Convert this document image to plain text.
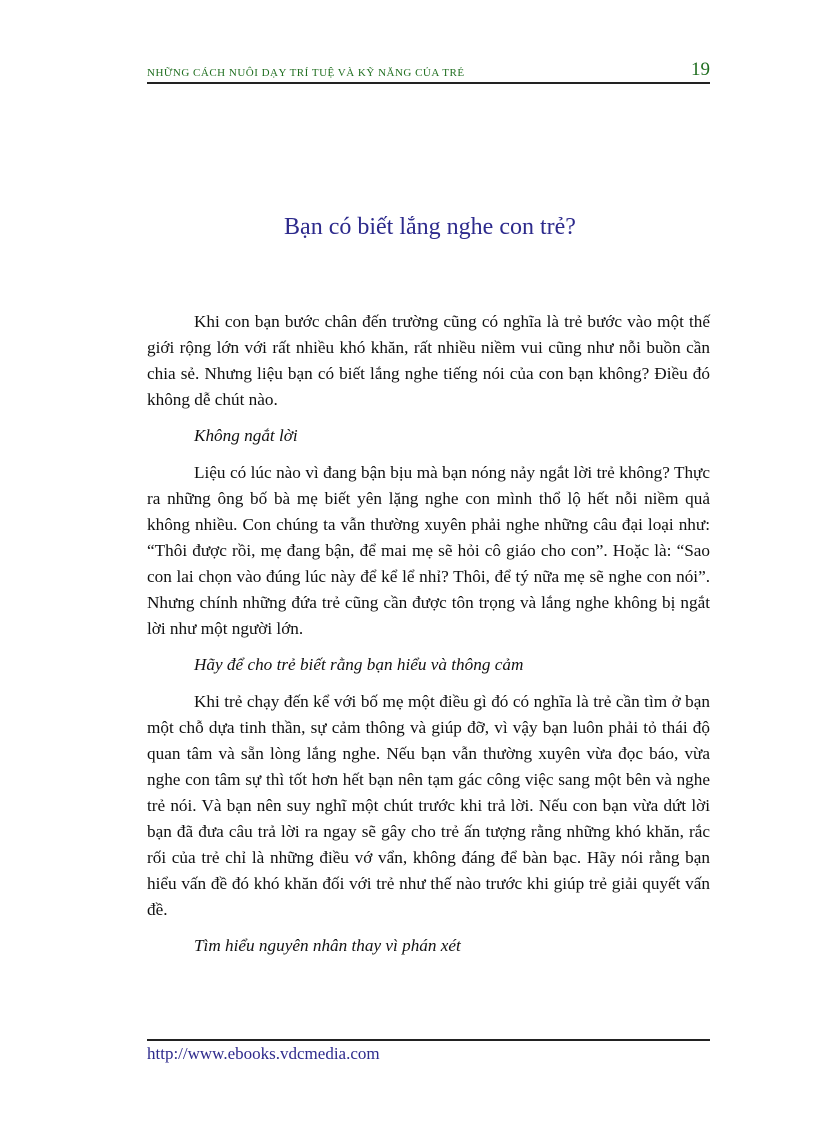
NHỮNG CÁCH NUÔI DẠY TRÍ TUỆ VÀ KỸ NĂNG CỦA TRẺ	19
Bạn có biết lắng nghe con trẻ?

Khi con bạn bước chân đến trường cũng có nghĩa là trẻ bước vào một thế giới rộng lớn với rất nhiều khó khăn, rất nhiều niềm vui cũng như nỗi buồn cần chia sẻ. Nhưng liệu bạn có biết lắng nghe tiếng nói của con bạn không? Điều đó không dễ chút nào.

Không ngắt lời

Liệu có lúc nào vì đang bận bịu mà bạn nóng nảy ngắt lời trẻ không? Thực ra những ông bố bà mẹ biết yên lặng nghe con mình thổ lộ hết nỗi niềm quả không nhiều. Con chúng ta vẫn thường xuyên phải nghe những câu đại loại như: “Thôi được rồi, mẹ đang bận, để mai mẹ sẽ hỏi cô giáo cho con”. Hoặc là: “Sao con lai chọn vào đúng lúc này để kể lể nhỉ? Thôi, để tý nữa mẹ sẽ nghe con nói”. Nhưng chính những đứa trẻ cũng cần được tôn trọng và lắng nghe không bị ngắt lời như một người lớn.

Hãy để cho trẻ biết rằng bạn hiểu và thông cảm

Khi trẻ chạy đến kể với bố mẹ một điều gì đó có nghĩa là trẻ cần tìm ở bạn một chỗ dựa tinh thần, sự cảm thông và giúp đỡ, vì vậy bạn luôn phải tỏ thái độ quan tâm và sẵn lòng lắng nghe. Nếu bạn vẫn thường xuyên vừa đọc báo, vừa nghe con tâm sự thì tốt hơn hết bạn nên tạm gác công việc sang một bên và nghe trẻ nói. Và bạn nên suy nghĩ một chút trước khi trả lời. Nếu con bạn vừa dứt lời bạn đã đưa câu trả lời ra ngay sẽ gây cho trẻ ấn tượng rằng những khó khăn, rắc rối của trẻ chỉ là những điều vớ vẩn, không đáng để bàn bạc. Hãy nói rằng bạn hiểu vấn đề đó khó khăn đối với trẻ như thế nào trước khi giúp trẻ giải quyết vấn đề.

Tìm hiểu nguyên nhân thay vì phán xét

http://www.ebooks.vdcmedia.com
